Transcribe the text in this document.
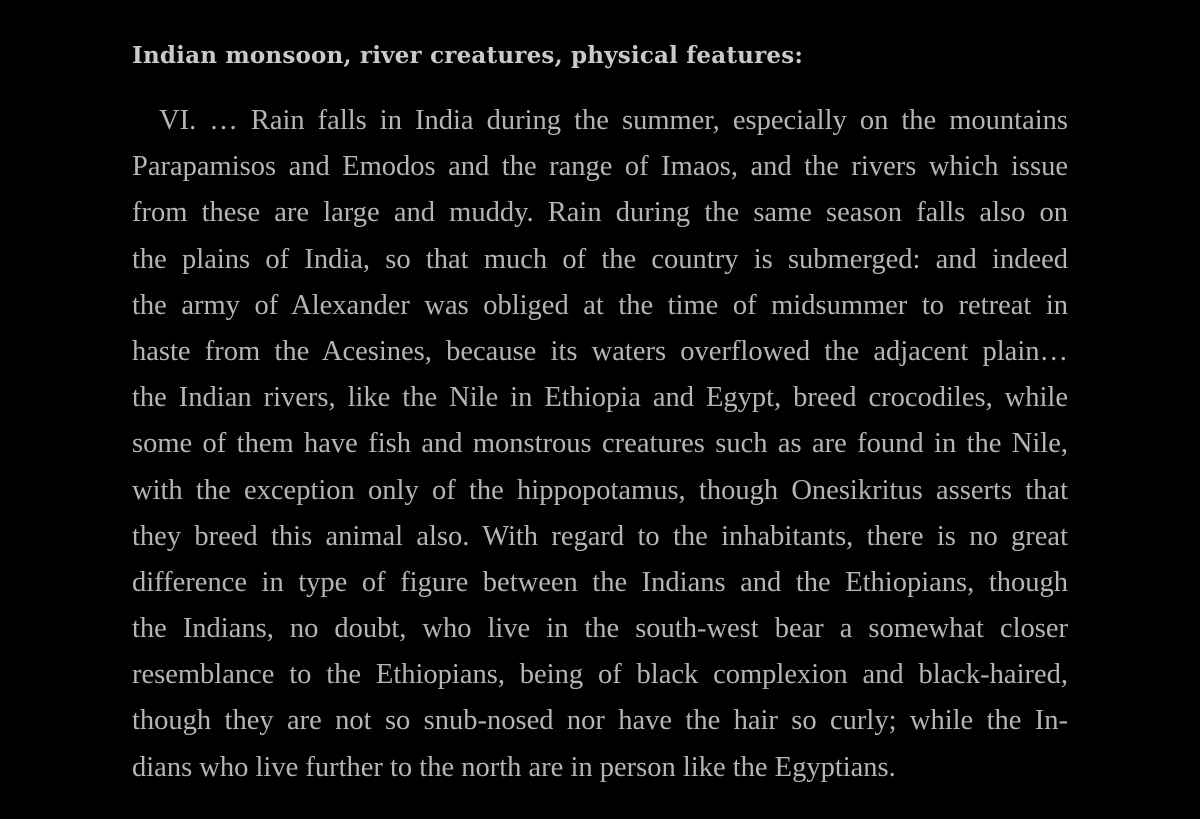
Indian monsoon, river creatures, physical features:
VI. … Rain falls in India during the summer, especially on the mountains
Parapamisos and Emodos and the range of Imaos, and the rivers which issue
from these are large and muddy. Rain during the same season falls also on
the plains of India, so that much of the country is submerged: and indeed
the army of Alexander was obliged at the time of midsummer to retreat in
haste from the Acesines, because its waters overflowed the adjacent plain…
the Indian rivers, like the Nile in Ethiopia and Egypt, breed crocodiles, while
some of them have fish and monstrous creatures such as are found in the Nile,
with the exception only of the hippopotamus, though Onesikritus asserts that
they breed this animal also. With regard to the inhabitants, there is no great
difference in type of figure between the Indians and the Ethiopians, though
the Indians, no doubt, who live in the south-west bear a somewhat closer
resemblance to the Ethiopians, being of black complexion and black-haired,
though they are not so snub-nosed nor have the hair so curly; while the In-
dians who live further to the north are in person like the Egyptians.
